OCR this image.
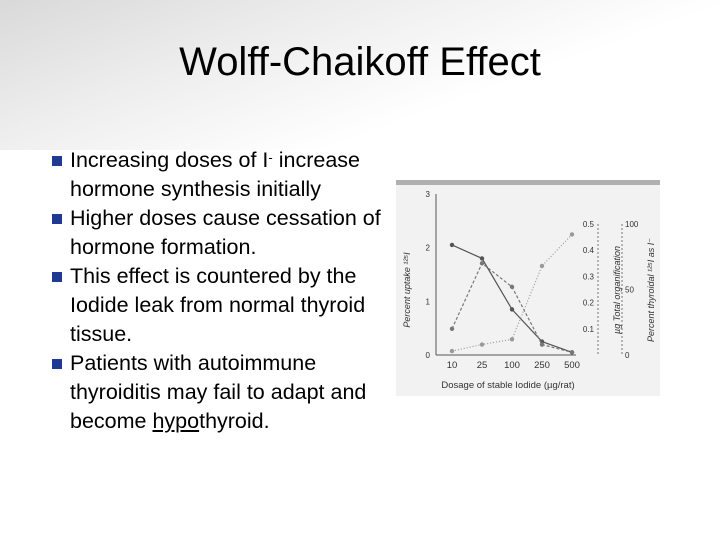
Wolff-Chaikoff Effect
Increasing doses of I- increase hormone synthesis initially
Higher doses cause cessation of hormone formation.
This effect is countered by the Iodide leak from normal thyroid tissue.
Patients with autoimmune thyroiditis may fail to adapt and become hypothyroid.
10 25 100 250 500
3
2
1
0
0.5
0.4
0.3
0.2
0.1
100
50
0
Dosage of stable Iodide (µg/rat)
Percent uptake ¹²⁵I	µg Total organification	Percent thyroidal ¹²⁵I as I⁻
